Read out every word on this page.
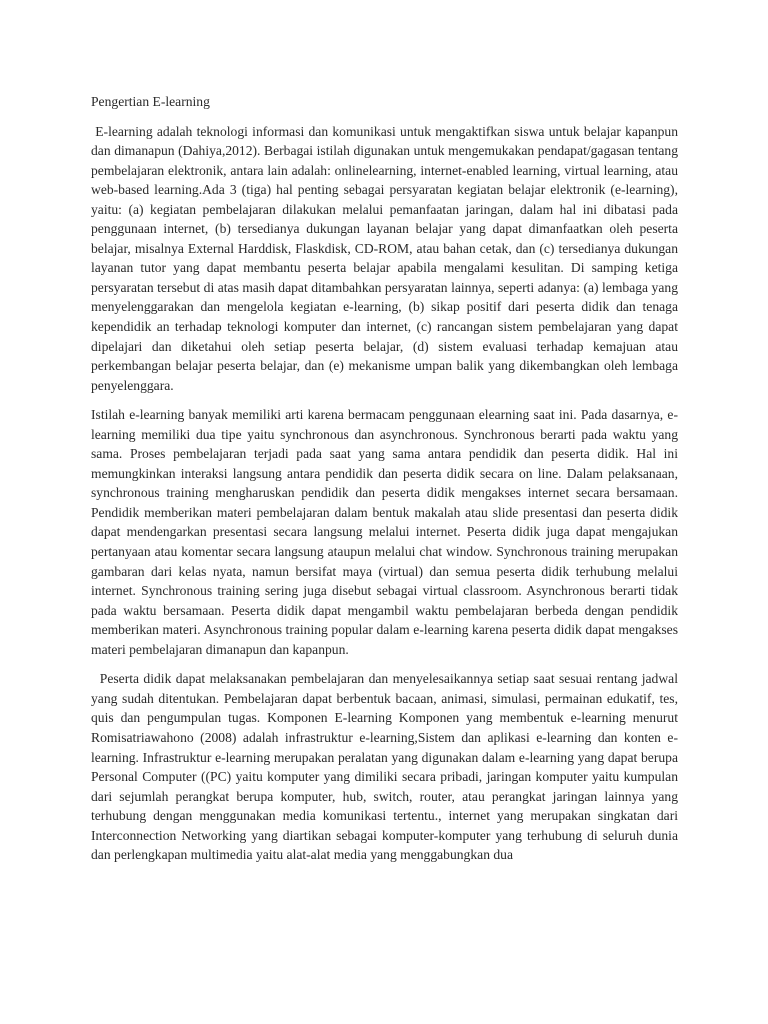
Pengertian E-learning

E-learning adalah teknologi informasi dan komunikasi untuk mengaktifkan siswa untuk belajar kapanpun dan dimanapun (Dahiya,2012). Berbagai istilah digunakan untuk mengemukakan pendapat/gagasan tentang pembelajaran elektronik, antara lain adalah: onlinelearning, internet-enabled learning, virtual learning, atau web-based learning.Ada 3 (tiga) hal penting sebagai persyaratan kegiatan belajar elektronik (e-learning), yaitu: (a) kegiatan pembelajaran dilakukan melalui pemanfaatan jaringan, dalam hal ini dibatasi pada penggunaan internet, (b) tersedianya dukungan layanan belajar yang dapat dimanfaatkan oleh peserta belajar, misalnya External Harddisk, Flaskdisk, CD-ROM, atau bahan cetak, dan (c) tersedianya dukungan layanan tutor yang dapat membantu peserta belajar apabila mengalami kesulitan. Di samping ketiga persyaratan tersebut di atas masih dapat ditambahkan persyaratan lainnya, seperti adanya: (a) lembaga yang menyelenggarakan dan mengelola kegiatan e-learning, (b) sikap positif dari peserta didik dan tenaga kependidik an terhadap teknologi komputer dan internet, (c) rancangan sistem pembelajaran yang dapat dipelajari dan diketahui oleh setiap peserta belajar, (d) sistem evaluasi terhadap kemajuan atau perkembangan belajar peserta belajar, dan (e) mekanisme umpan balik yang dikembangkan oleh lembaga penyelenggara.

Istilah e-learning banyak memiliki arti karena bermacam penggunaan elearning saat ini. Pada dasarnya, e-learning memiliki dua tipe yaitu synchronous dan asynchronous. Synchronous berarti pada waktu yang sama. Proses pembelajaran terjadi pada saat yang sama antara pendidik dan peserta didik. Hal ini memungkinkan interaksi langsung antara pendidik dan peserta didik secara on line. Dalam pelaksanaan, synchronous training mengharuskan pendidik dan peserta didik mengakses internet secara bersamaan. Pendidik memberikan materi pembelajaran dalam bentuk makalah atau slide presentasi dan peserta didik dapat mendengarkan presentasi secara langsung melalui internet. Peserta didik juga dapat mengajukan pertanyaan atau komentar secara langsung ataupun melalui chat window. Synchronous training merupakan gambaran dari kelas nyata, namun bersifat maya (virtual) dan semua peserta didik terhubung melalui internet. Synchronous training sering juga disebut sebagai virtual classroom. Asynchronous berarti tidak pada waktu bersamaan. Peserta didik dapat mengambil waktu pembelajaran berbeda dengan pendidik memberikan materi. Asynchronous training popular dalam e-learning karena peserta didik dapat mengakses materi pembelajaran dimanapun dan kapanpun.

Peserta didik dapat melaksanakan pembelajaran dan menyelesaikannya setiap saat sesuai rentang jadwal yang sudah ditentukan. Pembelajaran dapat berbentuk bacaan, animasi, simulasi, permainan edukatif, tes, quis dan pengumpulan tugas. Komponen E-learning Komponen yang membentuk e-learning menurut Romisatriawahono (2008) adalah infrastruktur e-learning,Sistem dan aplikasi e-learning dan konten e-learning. Infrastruktur e-learning merupakan peralatan yang digunakan dalam e-learning yang dapat berupa Personal Computer ((PC) yaitu komputer yang dimiliki secara pribadi, jaringan komputer yaitu kumpulan dari sejumlah perangkat berupa komputer, hub, switch, router, atau perangkat jaringan lainnya yang terhubung dengan menggunakan media komunikasi tertentu., internet yang merupakan singkatan dari Interconnection Networking yang diartikan sebagai komputer-komputer yang terhubung di seluruh dunia dan perlengkapan multimedia yaitu alat-alat media yang menggabungkan dua
